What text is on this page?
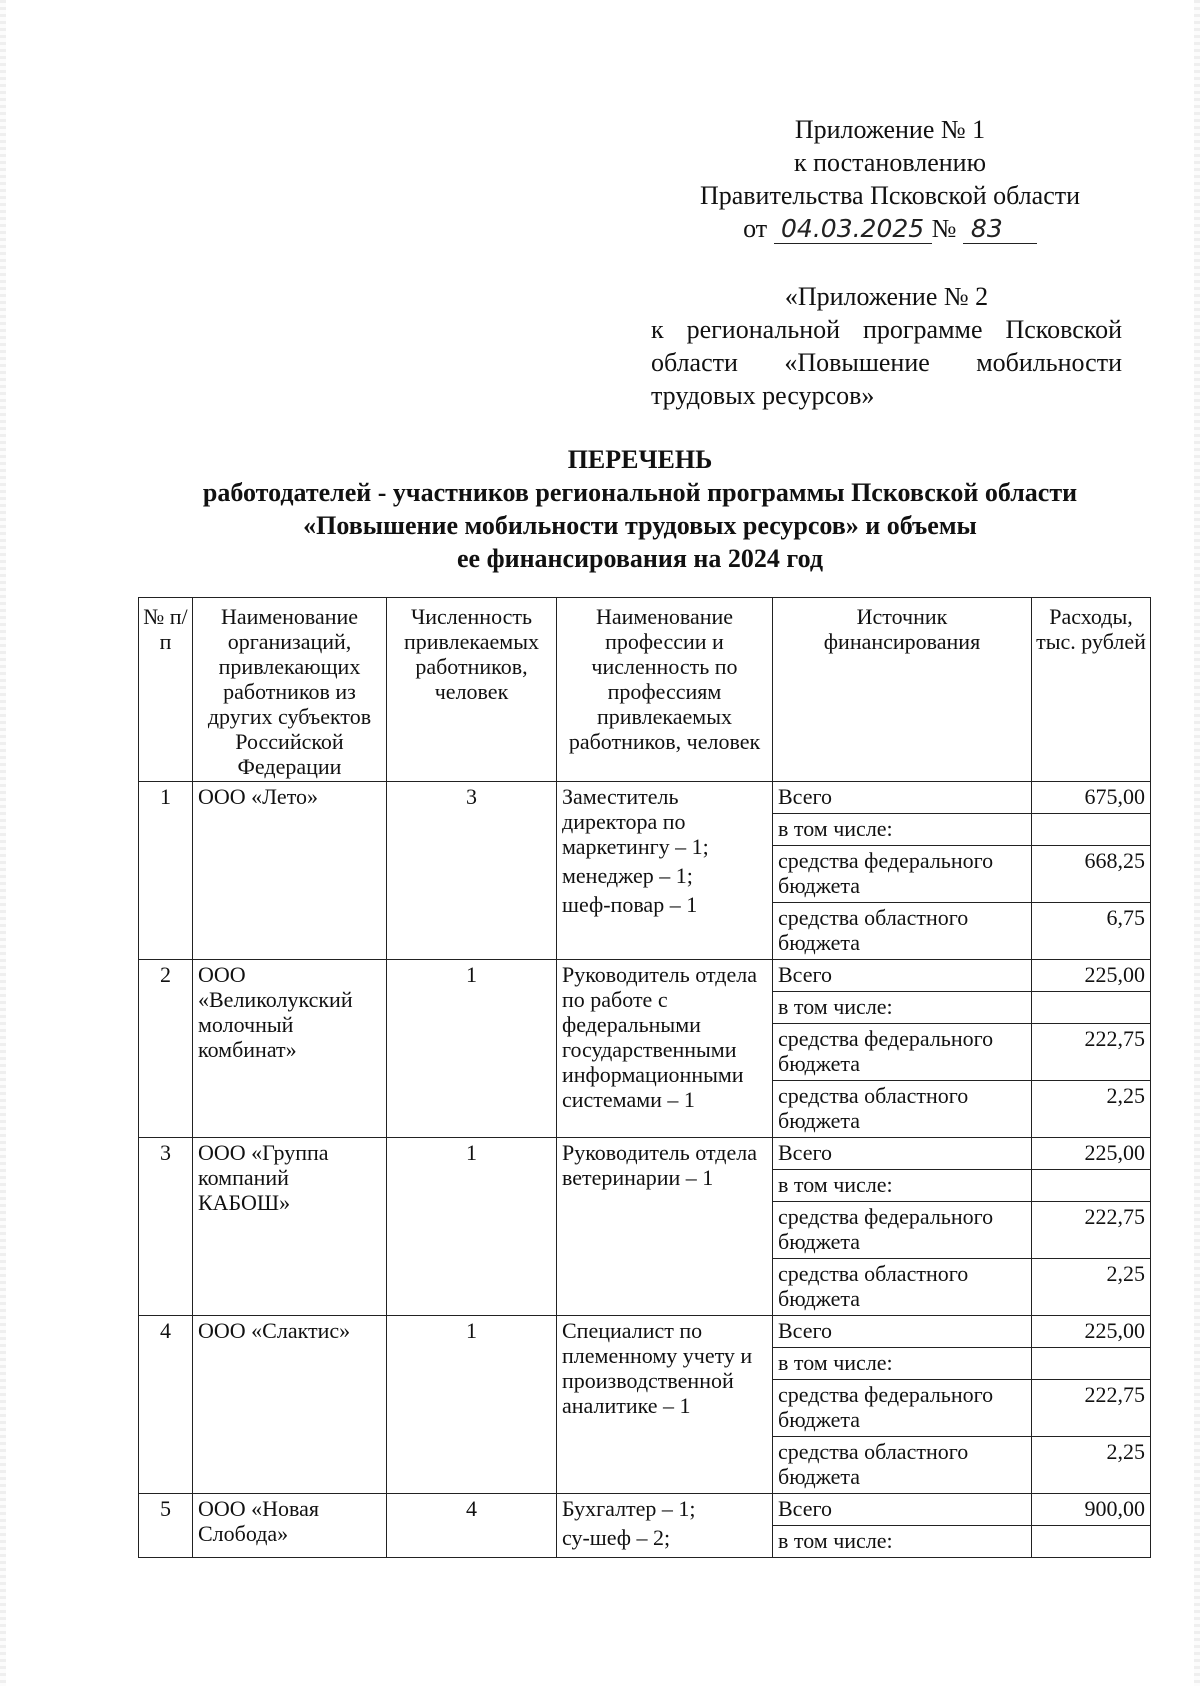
Приложение № 1
к постановлению
Правительства Псковской области
от 04.03.2025 № 83
«Приложение № 2
к региональной программе Псковской
области «Повышение мобильности
трудовых ресурсов»
ПЕРЕЧЕНЬ
работодателей - участников региональной программы Псковской области
«Повышение мобильности трудовых ресурсов» и объемы
ее финансирования на 2024 год
№ п/п	Наименование организаций, привлекающих работников из других субъектов Российской Федерации	Численность привлекаемых работников, человек	Наименование профессии и численность по профессиям привлекаемых работников, человек	Источник финансирования	Расходы, тыс. рублей
1	ООО «Лето»	3	Заместитель директора по маркетингу – 1;
менеджер – 1;
шеф-повар – 1	Всего	675,00
				в том числе:	
				средства федерального бюджета	668,25
				средства областного бюджета	6,75
2	ООО «Великолукский молочный комбинат»	1	Руководитель отдела по работе с федеральными государственными информационными системами – 1	Всего	225,00
				в том числе:	
				средства федерального бюджета	222,75
				средства областного бюджета	2,25
3	ООО «Группа компаний КАБОШ»	1	Руководитель отдела ветеринарии – 1	Всего	225,00
				в том числе:	
				средства федерального бюджета	222,75
				средства областного бюджета	2,25
4	ООО «Слактис»	1	Специалист по племенному учету и производственной аналитике – 1	Всего	225,00
				в том числе:	
				средства федерального бюджета	222,75
				средства областного бюджета	2,25
5	ООО «Новая Слобода»	4	Бухгалтер – 1;
су-шеф – 2;	Всего	900,00
				в том числе:	
